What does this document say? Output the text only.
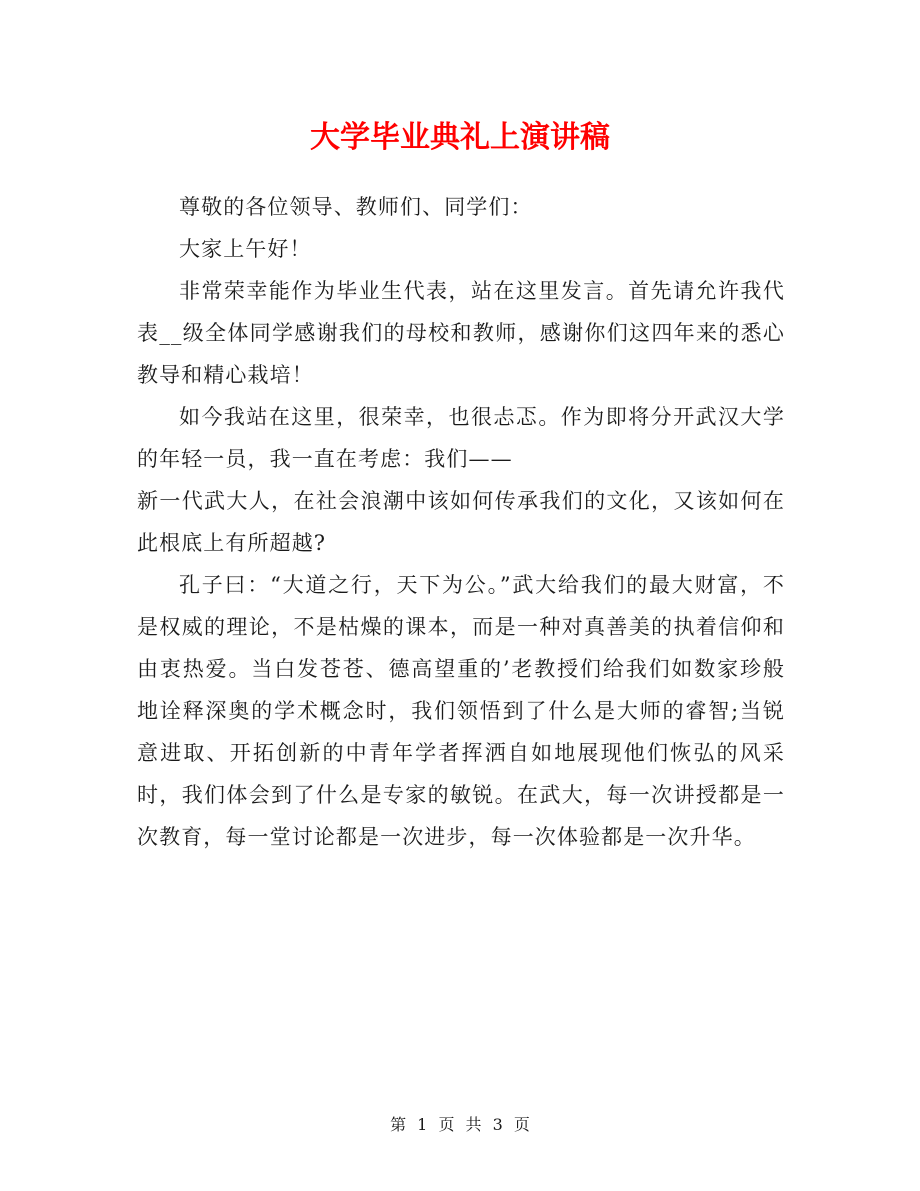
大学毕业典礼上演讲稿

尊敬的各位领导、教师们、同学们：

大家上午好！

非常荣幸能作为毕业生代表，站在这里发言。首先请允许我代表__级全体同学感谢我们的母校和教师，感谢你们这四年来的悉心教导和精心栽培！

如今我站在这里，很荣幸，也很忐忑。作为即将分开武汉大学的年轻一员，我一直在考虑：我们——

新一代武大人，在社会浪潮中该如何传承我们的文化，又该如何在此根底上有所超越?

孔子曰：“大道之行，天下为公。”武大给我们的最大财富，不是权威的理论，不是枯燥的课本，而是一种对真善美的执着信仰和由衷热爱。当白发苍苍、德高望重的’老教授们给我们如数家珍般地诠释深奥的学术概念时，我们领悟到了什么是大师的睿智;当锐意进取、开拓创新的中青年学者挥洒自如地展现他们恢弘的风采时，我们体会到了什么是专家的敏锐。在武大，每一次讲授都是一次教育，每一堂讨论都是一次进步，每一次体验都是一次升华。

第 1 页 共 3 页
